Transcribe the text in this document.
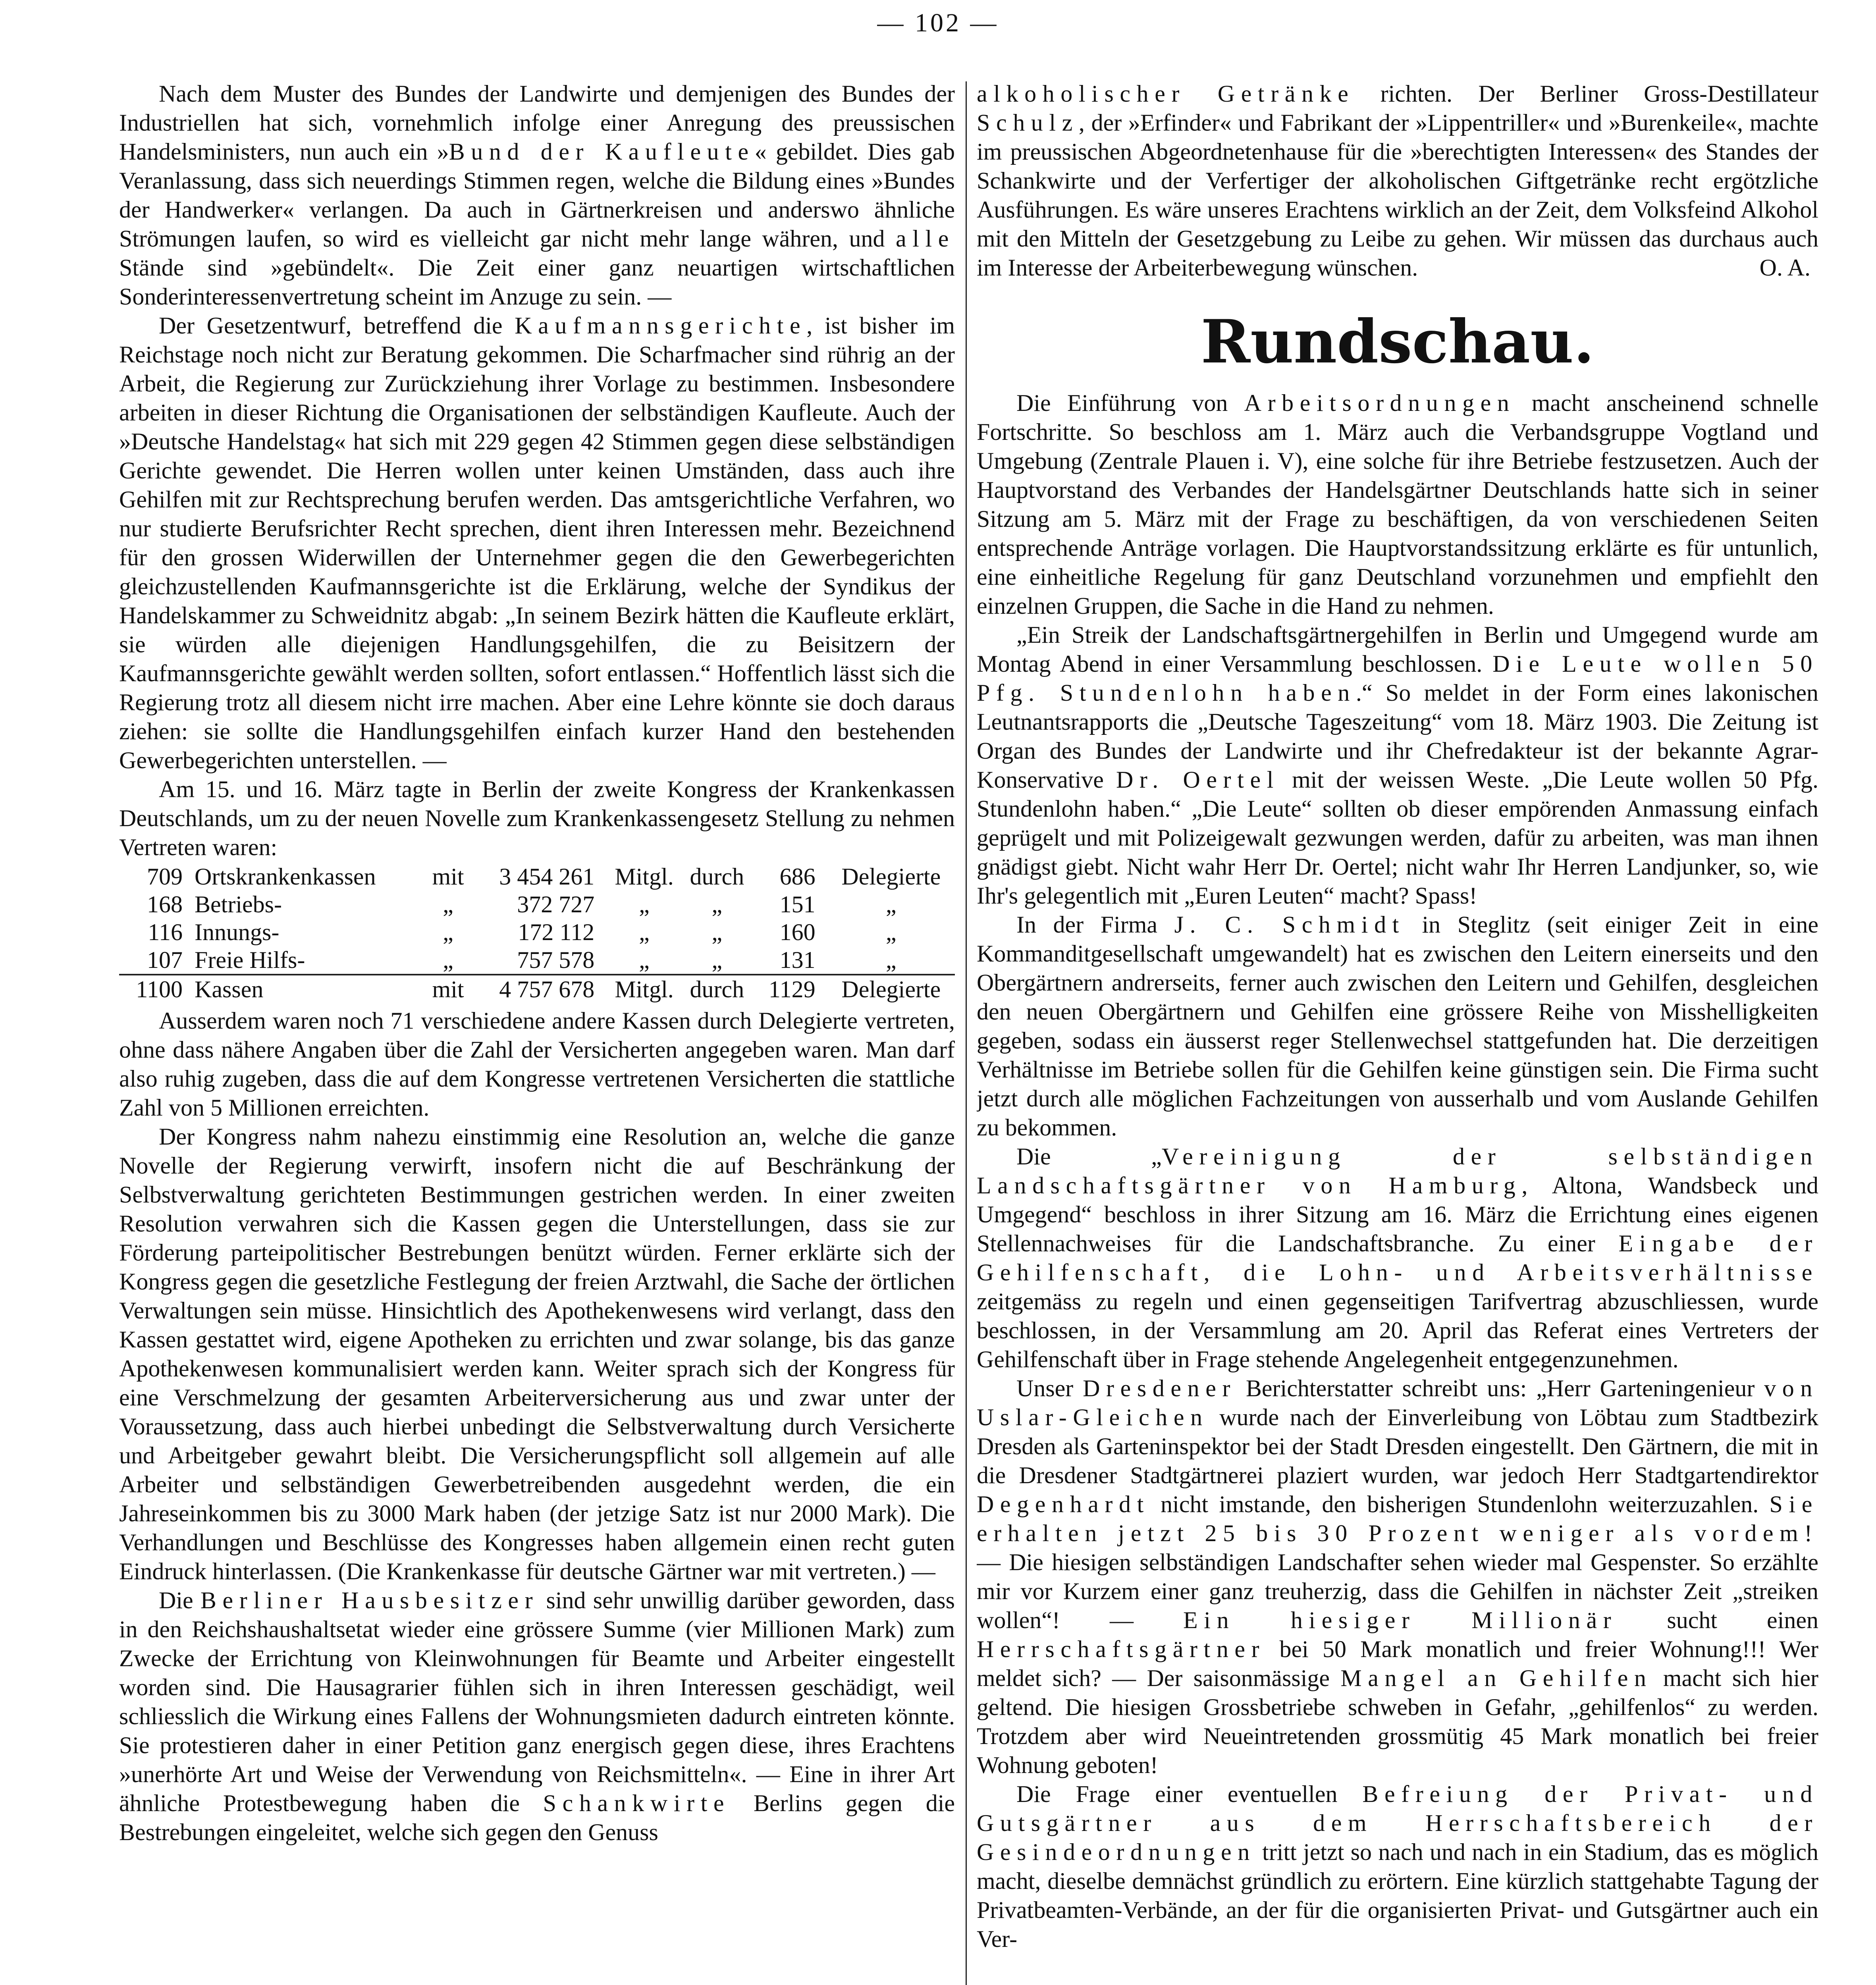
— 102 —

Nach dem Muster des Bundes der Landwirte und demjenigen des Bundes der Industriellen hat sich, vornehmlich infolge einer Anregung des preussischen Handelsministers, nun auch ein »Bund der Kaufleute« gebildet. Dies gab Veranlassung, dass sich neuerdings Stimmen regen, welche die Bildung eines »Bundes der Handwerker« verlangen. Da auch in Gärtnerkreisen und anderswo ähnliche Strömungen laufen, so wird es vielleicht gar nicht mehr lange währen, und alle Stände sind »gebündelt«. Die Zeit einer ganz neuartigen wirtschaftlichen Sonderinteressenvertretung scheint im Anzuge zu sein. —

Der Gesetzentwurf, betreffend die Kaufmannsgerichte, ist bisher im Reichstage noch nicht zur Beratung gekommen. Die Scharfmacher sind rührig an der Arbeit, die Regierung zur Zurückziehung ihrer Vorlage zu bestimmen. Insbesondere arbeiten in dieser Richtung die Organisationen der selbständigen Kaufleute. Auch der »Deutsche Handelstag« hat sich mit 229 gegen 42 Stimmen gegen diese selbständigen Gerichte gewendet. Die Herren wollen unter keinen Umständen, dass auch ihre Gehilfen mit zur Rechtsprechung berufen werden. Das amtsgerichtliche Verfahren, wo nur studierte Berufsrichter Recht sprechen, dient ihren Interessen mehr. Bezeichnend für den grossen Widerwillen der Unternehmer gegen die den Gewerbegerichten gleichzustellenden Kaufmannsgerichte ist die Erklärung, welche der Syndikus der Handelskammer zu Schweidnitz abgab: „In seinem Bezirk hätten die Kaufleute erklärt, sie würden alle diejenigen Handlungsgehilfen, die zu Beisitzern der Kaufmannsgerichte gewählt werden sollten, sofort entlassen.“ Hoffentlich lässt sich die Regierung trotz all diesem nicht irre machen. Aber eine Lehre könnte sie doch daraus ziehen: sie sollte die Handlungsgehilfen einfach kurzer Hand den bestehenden Gewerbegerichten unterstellen. —

Am 15. und 16. März tagte in Berlin der zweite Kongress der Krankenkassen Deutschlands, um zu der neuen Novelle zum Krankenkassengesetz Stellung zu nehmen Vertreten waren:

709	Ortskrankenkassen	mit	3 454 261	Mitgl.	durch	686	Delegierte
168	Betriebs-	„	372 727	„	„	151	„
116	Innungs-	„	172 112	„	„	160	„
107	Freie Hilfs-	„	757 578	„	„	131	„
1100	Kassen	mit	4 757 678	Mitgl.	durch	1129	Delegierte

Ausserdem waren noch 71 verschiedene andere Kassen durch Delegierte vertreten, ohne dass nähere Angaben über die Zahl der Versicherten angegeben waren. Man darf also ruhig zugeben, dass die auf dem Kongresse vertretenen Versicherten die stattliche Zahl von 5 Millionen erreichten.

Der Kongress nahm nahezu einstimmig eine Resolution an, welche die ganze Novelle der Regierung verwirft, insofern nicht die auf Beschränkung der Selbstverwaltung gerichteten Bestimmungen gestrichen werden. In einer zweiten Resolution verwahren sich die Kassen gegen die Unterstellungen, dass sie zur Förderung parteipolitischer Bestrebungen benützt würden. Ferner erklärte sich der Kongress gegen die gesetzliche Festlegung der freien Arztwahl, die Sache der örtlichen Verwaltungen sein müsse. Hinsichtlich des Apothekenwesens wird verlangt, dass den Kassen gestattet wird, eigene Apotheken zu errichten und zwar solange, bis das ganze Apothekenwesen kommunalisiert werden kann. Weiter sprach sich der Kongress für eine Verschmelzung der gesamten Arbeiterversicherung aus und zwar unter der Voraussetzung, dass auch hierbei unbedingt die Selbstverwaltung durch Versicherte und Arbeitgeber gewahrt bleibt. Die Versicherungspflicht soll allgemein auf alle Arbeiter und selbständigen Gewerbetreibenden ausgedehnt werden, die ein Jahreseinkommen bis zu 3000 Mark haben (der jetzige Satz ist nur 2000 Mark). Die Verhandlungen und Beschlüsse des Kongresses haben allgemein einen recht guten Eindruck hinterlassen. (Die Krankenkasse für deutsche Gärtner war mit vertreten.) —

Die Berliner Hausbesitzer sind sehr unwillig darüber geworden, dass in den Reichshaushaltsetat wieder eine grössere Summe (vier Millionen Mark) zum Zwecke der Errichtung von Kleinwohnungen für Beamte und Arbeiter eingestellt worden sind. Die Hausagrarier fühlen sich in ihren Interessen geschädigt, weil schliesslich die Wirkung eines Fallens der Wohnungsmieten dadurch eintreten könnte. Sie protestieren daher in einer Petition ganz energisch gegen diese, ihres Erachtens »unerhörte Art und Weise der Verwendung von Reichsmitteln«. — Eine in ihrer Art ähnliche Protestbewegung haben die Schankwirte Berlins gegen die Bestrebungen eingeleitet, welche sich gegen den Genuss

alkoholischer Getränke richten. Der Berliner Gross-Destillateur Schulz, der »Erfinder« und Fabrikant der »Lippentriller« und »Burenkeile«, machte im preussischen Abgeordnetenhause für die »berechtigten Interessen« des Standes der Schankwirte und der Verfertiger der alkoholischen Giftgetränke recht ergötzliche Ausführungen. Es wäre unseres Erachtens wirklich an der Zeit, dem Volksfeind Alkohol mit den Mitteln der Gesetzgebung zu Leibe zu gehen. Wir müssen das durchaus auch im Interesse der Arbeiterbewegung wünschen.	O. A.

Rundschau.

Die Einführung von Arbeitsordnungen macht anscheinend schnelle Fortschritte. So beschloss am 1. März auch die Verbandsgruppe Vogtland und Umgebung (Zentrale Plauen i. V), eine solche für ihre Betriebe festzusetzen. Auch der Hauptvorstand des Verbandes der Handelsgärtner Deutschlands hatte sich in seiner Sitzung am 5. März mit der Frage zu beschäftigen, da von verschiedenen Seiten entsprechende Anträge vorlagen. Die Hauptvorstandssitzung erklärte es für untunlich, eine einheitliche Regelung für ganz Deutschland vorzunehmen und empfiehlt den einzelnen Gruppen, die Sache in die Hand zu nehmen.

„Ein Streik der Landschaftsgärtnergehilfen in Berlin und Umgegend wurde am Montag Abend in einer Versammlung beschlossen. Die Leute wollen 50 Pfg. Stundenlohn haben.“ So meldet in der Form eines lakonischen Leutnantsrapports die „Deutsche Tageszeitung“ vom 18. März 1903. Die Zeitung ist Organ des Bundes der Landwirte und ihr Chefredakteur ist der bekannte Agrar-Konservative Dr. Oertel mit der weissen Weste. „Die Leute wollen 50 Pfg. Stundenlohn haben.“ „Die Leute“ sollten ob dieser empörenden Anmassung einfach geprügelt und mit Polizeigewalt gezwungen werden, dafür zu arbeiten, was man ihnen gnädigst giebt. Nicht wahr Herr Dr. Oertel; nicht wahr Ihr Herren Landjunker, so, wie Ihr's gelegentlich mit „Euren Leuten“ macht? Spass!

In der Firma J. C. Schmidt in Steglitz (seit einiger Zeit in eine Kommanditgesellschaft umgewandelt) hat es zwischen den Leitern einerseits und den Obergärtnern andrerseits, ferner auch zwischen den Leitern und Gehilfen, desgleichen den neuen Obergärtnern und Gehilfen eine grössere Reihe von Misshelligkeiten gegeben, sodass ein äusserst reger Stellenwechsel stattgefunden hat. Die derzeitigen Verhältnisse im Betriebe sollen für die Gehilfen keine günstigen sein. Die Firma sucht jetzt durch alle möglichen Fachzeitungen von ausserhalb und vom Auslande Gehilfen zu bekommen.

Die „Vereinigung der selbständigen Landschaftsgärtner von Hamburg, Altona, Wandsbeck und Umgegend“ beschloss in ihrer Sitzung am 16. März die Errichtung eines eigenen Stellennachweises für die Landschaftsbranche. Zu einer Eingabe der Gehilfenschaft, die Lohn- und Arbeitsverhältnisse zeitgemäss zu regeln und einen gegenseitigen Tarifvertrag abzuschliessen, wurde beschlossen, in der Versammlung am 20. April das Referat eines Vertreters der Gehilfenschaft über in Frage stehende Angelegenheit entgegenzunehmen.

Unser Dresdener Berichterstatter schreibt uns: „Herr Garteningenieur von Uslar-Gleichen wurde nach der Einverleibung von Löbtau zum Stadtbezirk Dresden als Garteninspektor bei der Stadt Dresden eingestellt. Den Gärtnern, die mit in die Dresdener Stadtgärtnerei plaziert wurden, war jedoch Herr Stadtgartendirektor Degenhardt nicht imstande, den bisherigen Stundenlohn weiterzuzahlen. Sie erhalten jetzt 25 bis 30 Prozent weniger als vordem! — Die hiesigen selbständigen Landschafter sehen wieder mal Gespenster. So erzählte mir vor Kurzem einer ganz treuherzig, dass die Gehilfen in nächster Zeit „streiken wollen“! — Ein hiesiger Millionär sucht einen Herrschaftsgärtner bei 50 Mark monatlich und freier Wohnung!!! Wer meldet sich? — Der saisonmässige Mangel an Gehilfen macht sich hier geltend. Die hiesigen Grossbetriebe schweben in Gefahr, „gehilfenlos“ zu werden. Trotzdem aber wird Neueintretenden grossmütig 45 Mark monatlich bei freier Wohnung geboten!

Die Frage einer eventuellen Befreiung der Privat- und Gutsgärtner aus dem Herrschaftsbereich der Gesindeordnungen tritt jetzt so nach und nach in ein Stadium, das es möglich macht, dieselbe demnächst gründlich zu erörtern. Eine kürzlich stattgehabte Tagung der Privatbeamten-Verbände, an der für die organisierten Privat- und Gutsgärtner auch ein Ver-
